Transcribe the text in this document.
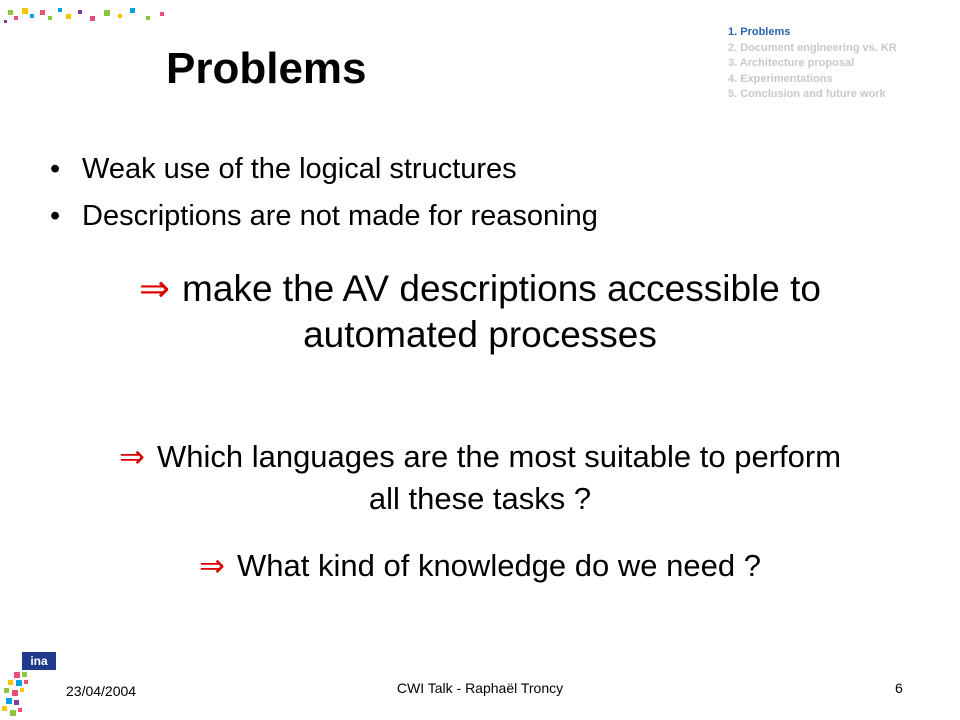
Problems
1. Problems
2. Document engineering vs. KR
3. Architecture proposal
4. Experimentations
5. Conclusion and future work
• Weak use of the logical structures
• Descriptions are not made for reasoning
⇒ make the AV descriptions accessible to automated processes
⇒ Which languages are the most suitable to perform all these tasks ?
⇒ What kind of knowledge do we need ?
ina
23/04/2004	CWI Talk - Raphaël Troncy	6
